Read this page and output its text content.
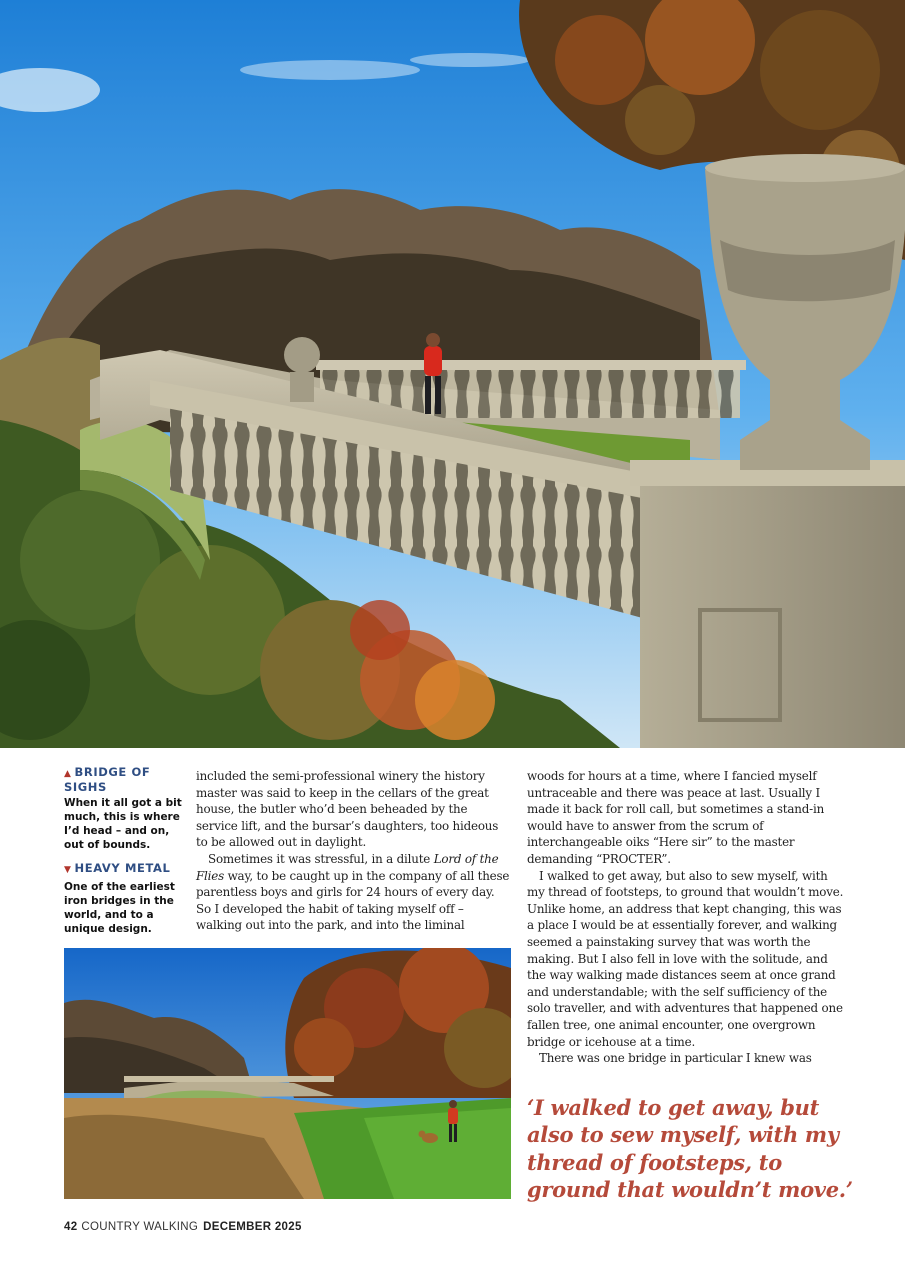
▲ BRIDGE OF SIGHS
When it all got a bit much, this is where I’d head – and on, out of bounds.
▼ HEAVY METAL
One of the earliest iron bridges in the world, and to a unique design.

included the semi-professional winery the history master was said to keep in the cellars of the great house, the butler who’d been beheaded by the service lift, and the bursar’s daughters, too hideous to be allowed out in daylight.

Sometimes it was stressful, in a dilute Lord of the Flies way, to be caught up in the company of all these parentless boys and girls for 24 hours of every day. So I developed the habit of taking myself off – walking out into the park, and into the liminal

woods for hours at a time, where I fancied myself untraceable and there was peace at last. Usually I made it back for roll call, but sometimes a stand-in would have to answer from the scrum of interchangeable oiks “Here sir” to the master demanding “PROCTER”.

I walked to get away, but also to sew myself, with my thread of footsteps, to ground that wouldn’t move. Unlike home, an address that kept changing, this was a place I would be at essentially forever, and walking seemed a painstaking survey that was worth the making. But I also fell in love with the solitude, and the way walking made distances seem at once grand and understandable; with the self sufficiency of the solo traveller, and with adventures that happened one fallen tree, one animal encounter, one overgrown bridge or icehouse at a time.

There was one bridge in particular I knew was

‘I walked to get away, but also to sew myself, with my thread of footsteps, to ground that wouldn’t move.’
42 COUNTRY WALKING DECEMBER 2025
